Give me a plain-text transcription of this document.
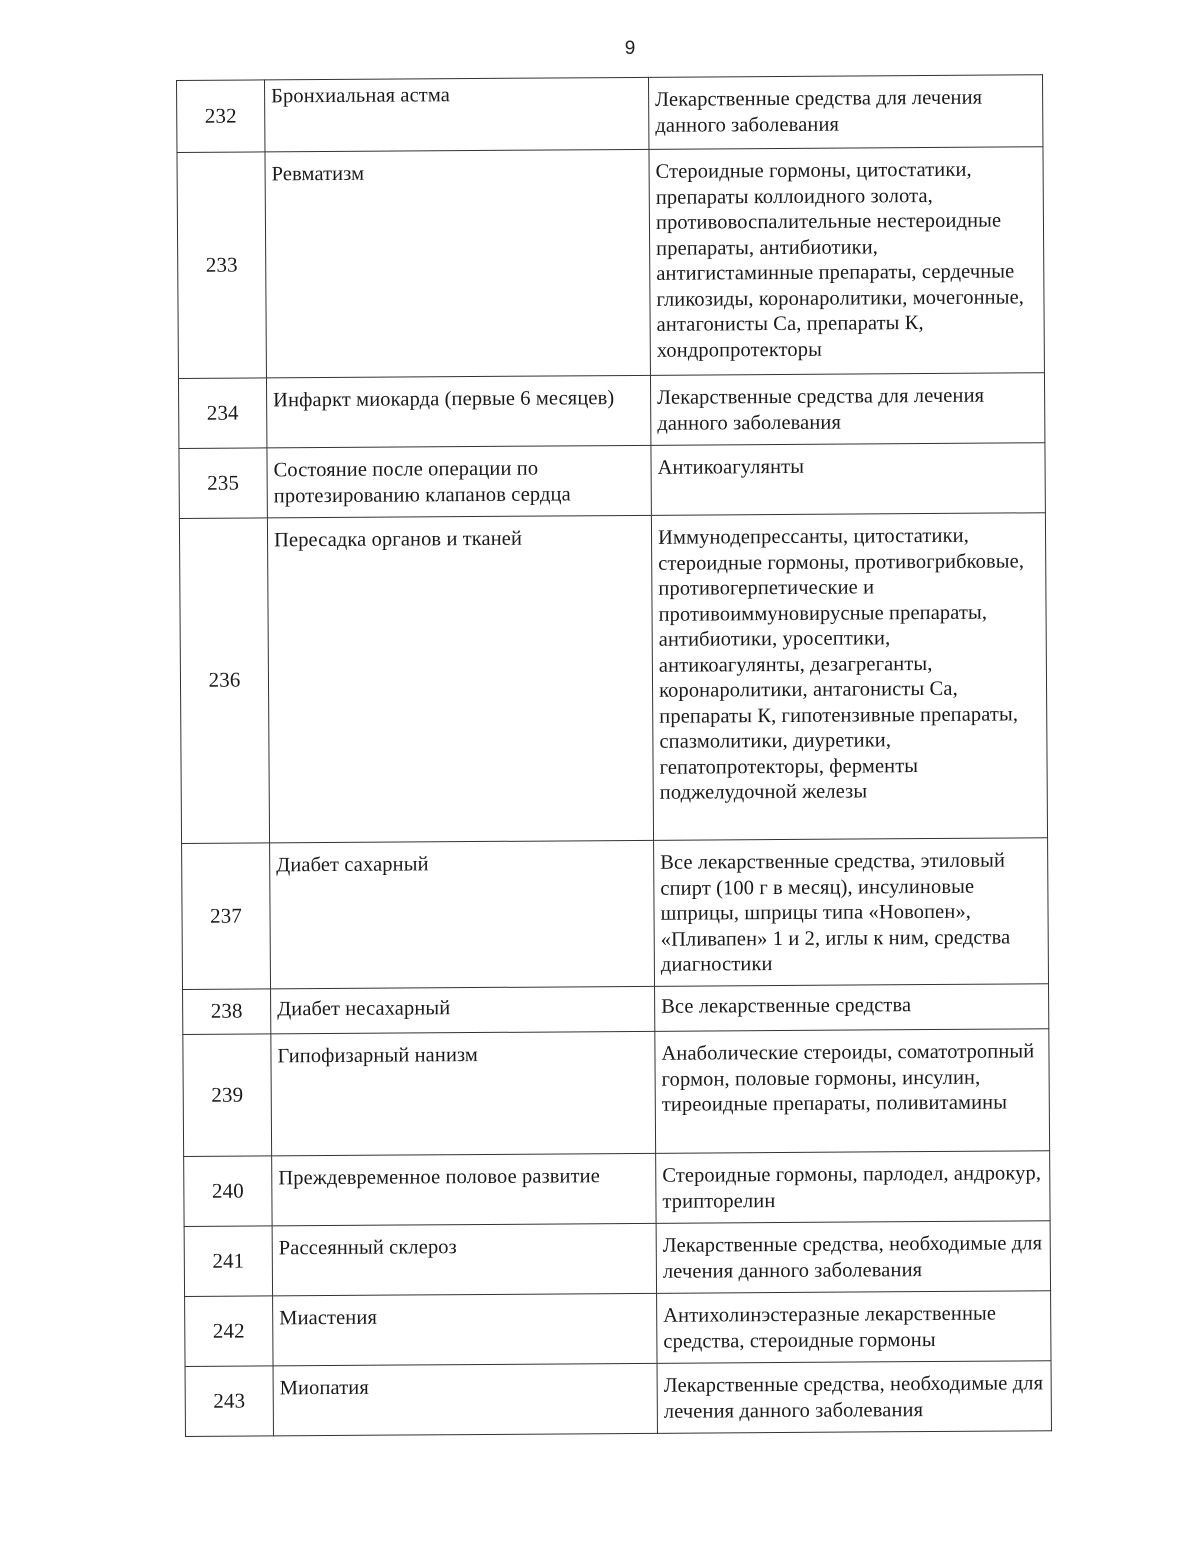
9
232	Бронхиальная астма	Лекарственные средства для лечения данного заболевания
233	Ревматизм	Стероидные гормоны, цитостатики, препараты коллоидного золота, противовоспалительные нестероидные препараты, антибиотики, антигистаминные препараты, сердечные гликозиды, коронаролитики, мочегонные, антагонисты Са, препараты К, хондропротекторы
234	Инфаркт миокарда (первые 6 месяцев)	Лекарственные средства для лечения данного заболевания
235	Состояние после операции по протезированию клапанов сердца	Антикоагулянты
236	Пересадка органов и тканей	Иммунодепрессанты, цитостатики, стероидные гормоны, противогрибковые, противогерпетические и противоиммуновирусные препараты, антибиотики, уросептики, антикоагулянты, дезагреганты, коронаролитики, антагонисты Са, препараты К, гипотензивные препараты, спазмолитики, диуретики, гепатопротекторы, ферменты поджелудочной железы
237	Диабет сахарный	Все лекарственные средства, этиловый спирт (100 г в месяц), инсулиновые шприцы, шприцы типа «Новопен», «Пливапен» 1 и 2, иглы к ним, средства диагностики
238	Диабет несахарный	Все лекарственные средства
239	Гипофизарный нанизм	Анаболические стероиды, соматотропный гормон, половые гормоны, инсулин, тиреоидные препараты, поливитамины
240	Преждевременное половое развитие	Стероидные гормоны, парлодел, андрокур, трипторелин
241	Рассеянный склероз	Лекарственные средства, необходимые для лечения данного заболевания
242	Миастения	Антихолинэстеразные лекарственные средства, стероидные гормоны
243	Миопатия	Лекарственные средства, необходимые для лечения данного заболевания
